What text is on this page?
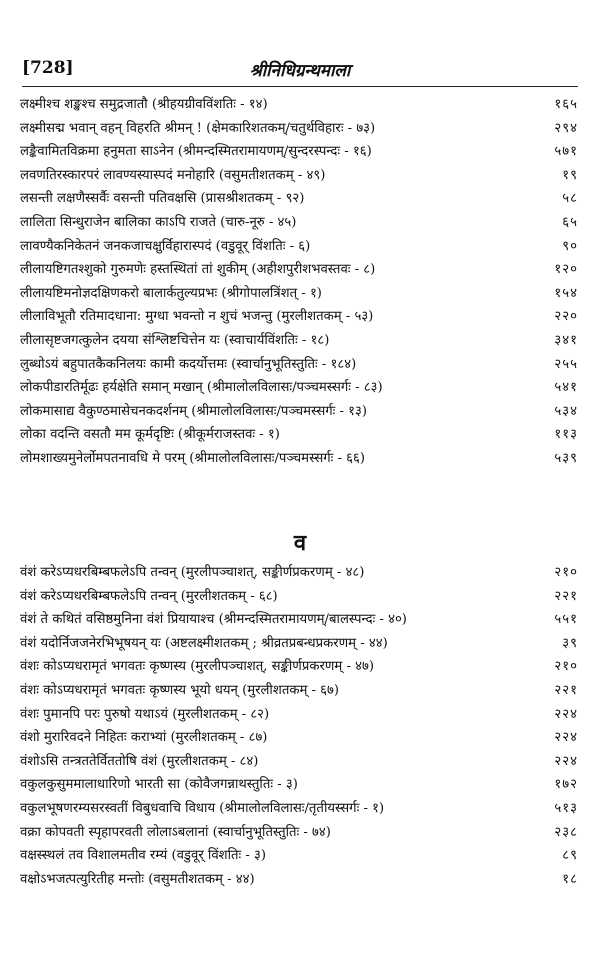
[728]	श्रीनिधिग्रन्थमाला
लक्ष्मीश्च शङ्खश्च समुद्रजातौ (श्रीहयग्रीवविंशतिः - १४)	१६५
लक्ष्मीसद्म भवान् वहन् विहरति श्रीमन् ! (क्षेमकारिशतकम्/चतुर्थविहारः - ७३)	२९४
लङ्कैवामितविक्रमा हनुमता साऽनेन (श्रीमन्दस्मितरामायणम्/सुन्दरस्पन्दः - १६)	५७१
लवणतिरस्कारपरं लावण्यस्यास्पदं मनोहारि (वसुमतीशतकम् - ४९)	१९
लसन्ती लक्षणैस्सर्वैः वसन्ती पतिवक्षसि (प्रासश्रीशतकम् - ९२)	५८
लालिता सिन्धुराजेन बालिका काऽपि राजते (चारु-नूरु - ४५)	६५
लावण्यैकनिकेतनं जनकजाचक्षुर्विहारास्पदं (वडुवूर् विंशतिः - ६)	९०
लीलायष्टिगतश्शुको गुरुमणेः हस्तस्थितां तां शुकीम् (अहीशपुरीशभवस्तवः - ८)	१२०
लीलायष्टिमनोज्ञदक्षिणकरो बालार्कतुल्यप्रभः (श्रीगोपालत्रिंशत् - १)	१५४
लीलाविभूतौ रतिमादधाना: मुग्धा भवन्तो न शुचं भजन्तु (मुरलीशतकम् - ५३)	२२०
लीलासृष्टजगत्कुलेन दयया संश्लिष्टचित्तेन यः (स्वाचार्यविंशतिः - १८)	३४१
लुब्धोऽयं बहुपातकैकनिलयः कामी कदर्योत्तमः (स्वार्चानुभूतिस्तुतिः - १८४)	२५५
लोकपीडारतिर्मूढः हर्यक्षेति समान् मखान् (श्रीमालोलविलासः/पञ्चमस्सर्गः - ८३)	५४१
लोकमासाद्य वैकुण्ठमासेचनकदर्शनम् (श्रीमालोलविलासः/पञ्चमस्सर्गः - १३)	५३४
लोका वदन्ति वसतौ मम कूर्मदृष्टिः (श्रीकूर्मराजस्तवः - १)	११३
लोमशाख्यमुनेर्लोमपतनावधि मे परम् (श्रीमालोलविलासः/पञ्चमस्सर्गः - ६६)	५३९
व
वंशं करेऽप्यधरबिम्बफलेऽपि तन्वन् (मुरलीपञ्चाशत्, सङ्कीर्णप्रकरणम् - ४८)	२१०
वंशं करेऽप्यधरबिम्बफलेऽपि तन्वन् (मुरलीशतकम् - ६८)	२२१
वंशं ते कथितं वसिष्ठमुनिना वंशं प्रियायाश्च (श्रीमन्दस्मितरामायणम्/बालस्पन्दः - ४०)	५५१
वंशं यदोर्निजजनेरभिभूषयन् यः (अष्टलक्ष्मीशतकम् ; श्रीव्रतप्रबन्धप्रकरणम् - ४४)	३९
वंशः कोऽप्यधरामृतं भगवतः कृष्णस्य (मुरलीपञ्चाशत्, सङ्कीर्णप्रकरणम् - ४७)	२१०
वंशः कोऽप्यधरामृतं भगवतः कृष्णस्य भूयो धयन् (मुरलीशतकम् - ६७)	२२१
वंशः पुमानपि परः पुरुषो यथाऽयं (मुरलीशतकम् - ८२)	२२४
वंशो मुरारिवदने निहितः कराभ्यां (मुरलीशतकम् - ८७)	२२४
वंशोऽसि तन्त्रततेर्विततोषि वंशं (मुरलीशतकम् - ८४)	२२४
वकुलकुसुममालाधारिणो भारती सा (कोवैजगन्नाथस्तुतिः - ३)	१७२
वकुलभूषणरम्यसरस्वतीं विबुधवाचि विधाय (श्रीमालोलविलासः/तृतीयस्सर्गः - १)	५१३
वक्रा कोपवती स्पृहापरवती लोलाऽबलानां (स्वार्चानुभूतिस्तुतिः - ७४)	२३८
वक्षस्स्थलं तव विशालमतीव रम्यं (वडुवूर् विंशतिः - ३)	८९
वक्षोऽभजत्पत्युरितीह मन्तोः (वसुमतीशतकम् - ४४)	१८
